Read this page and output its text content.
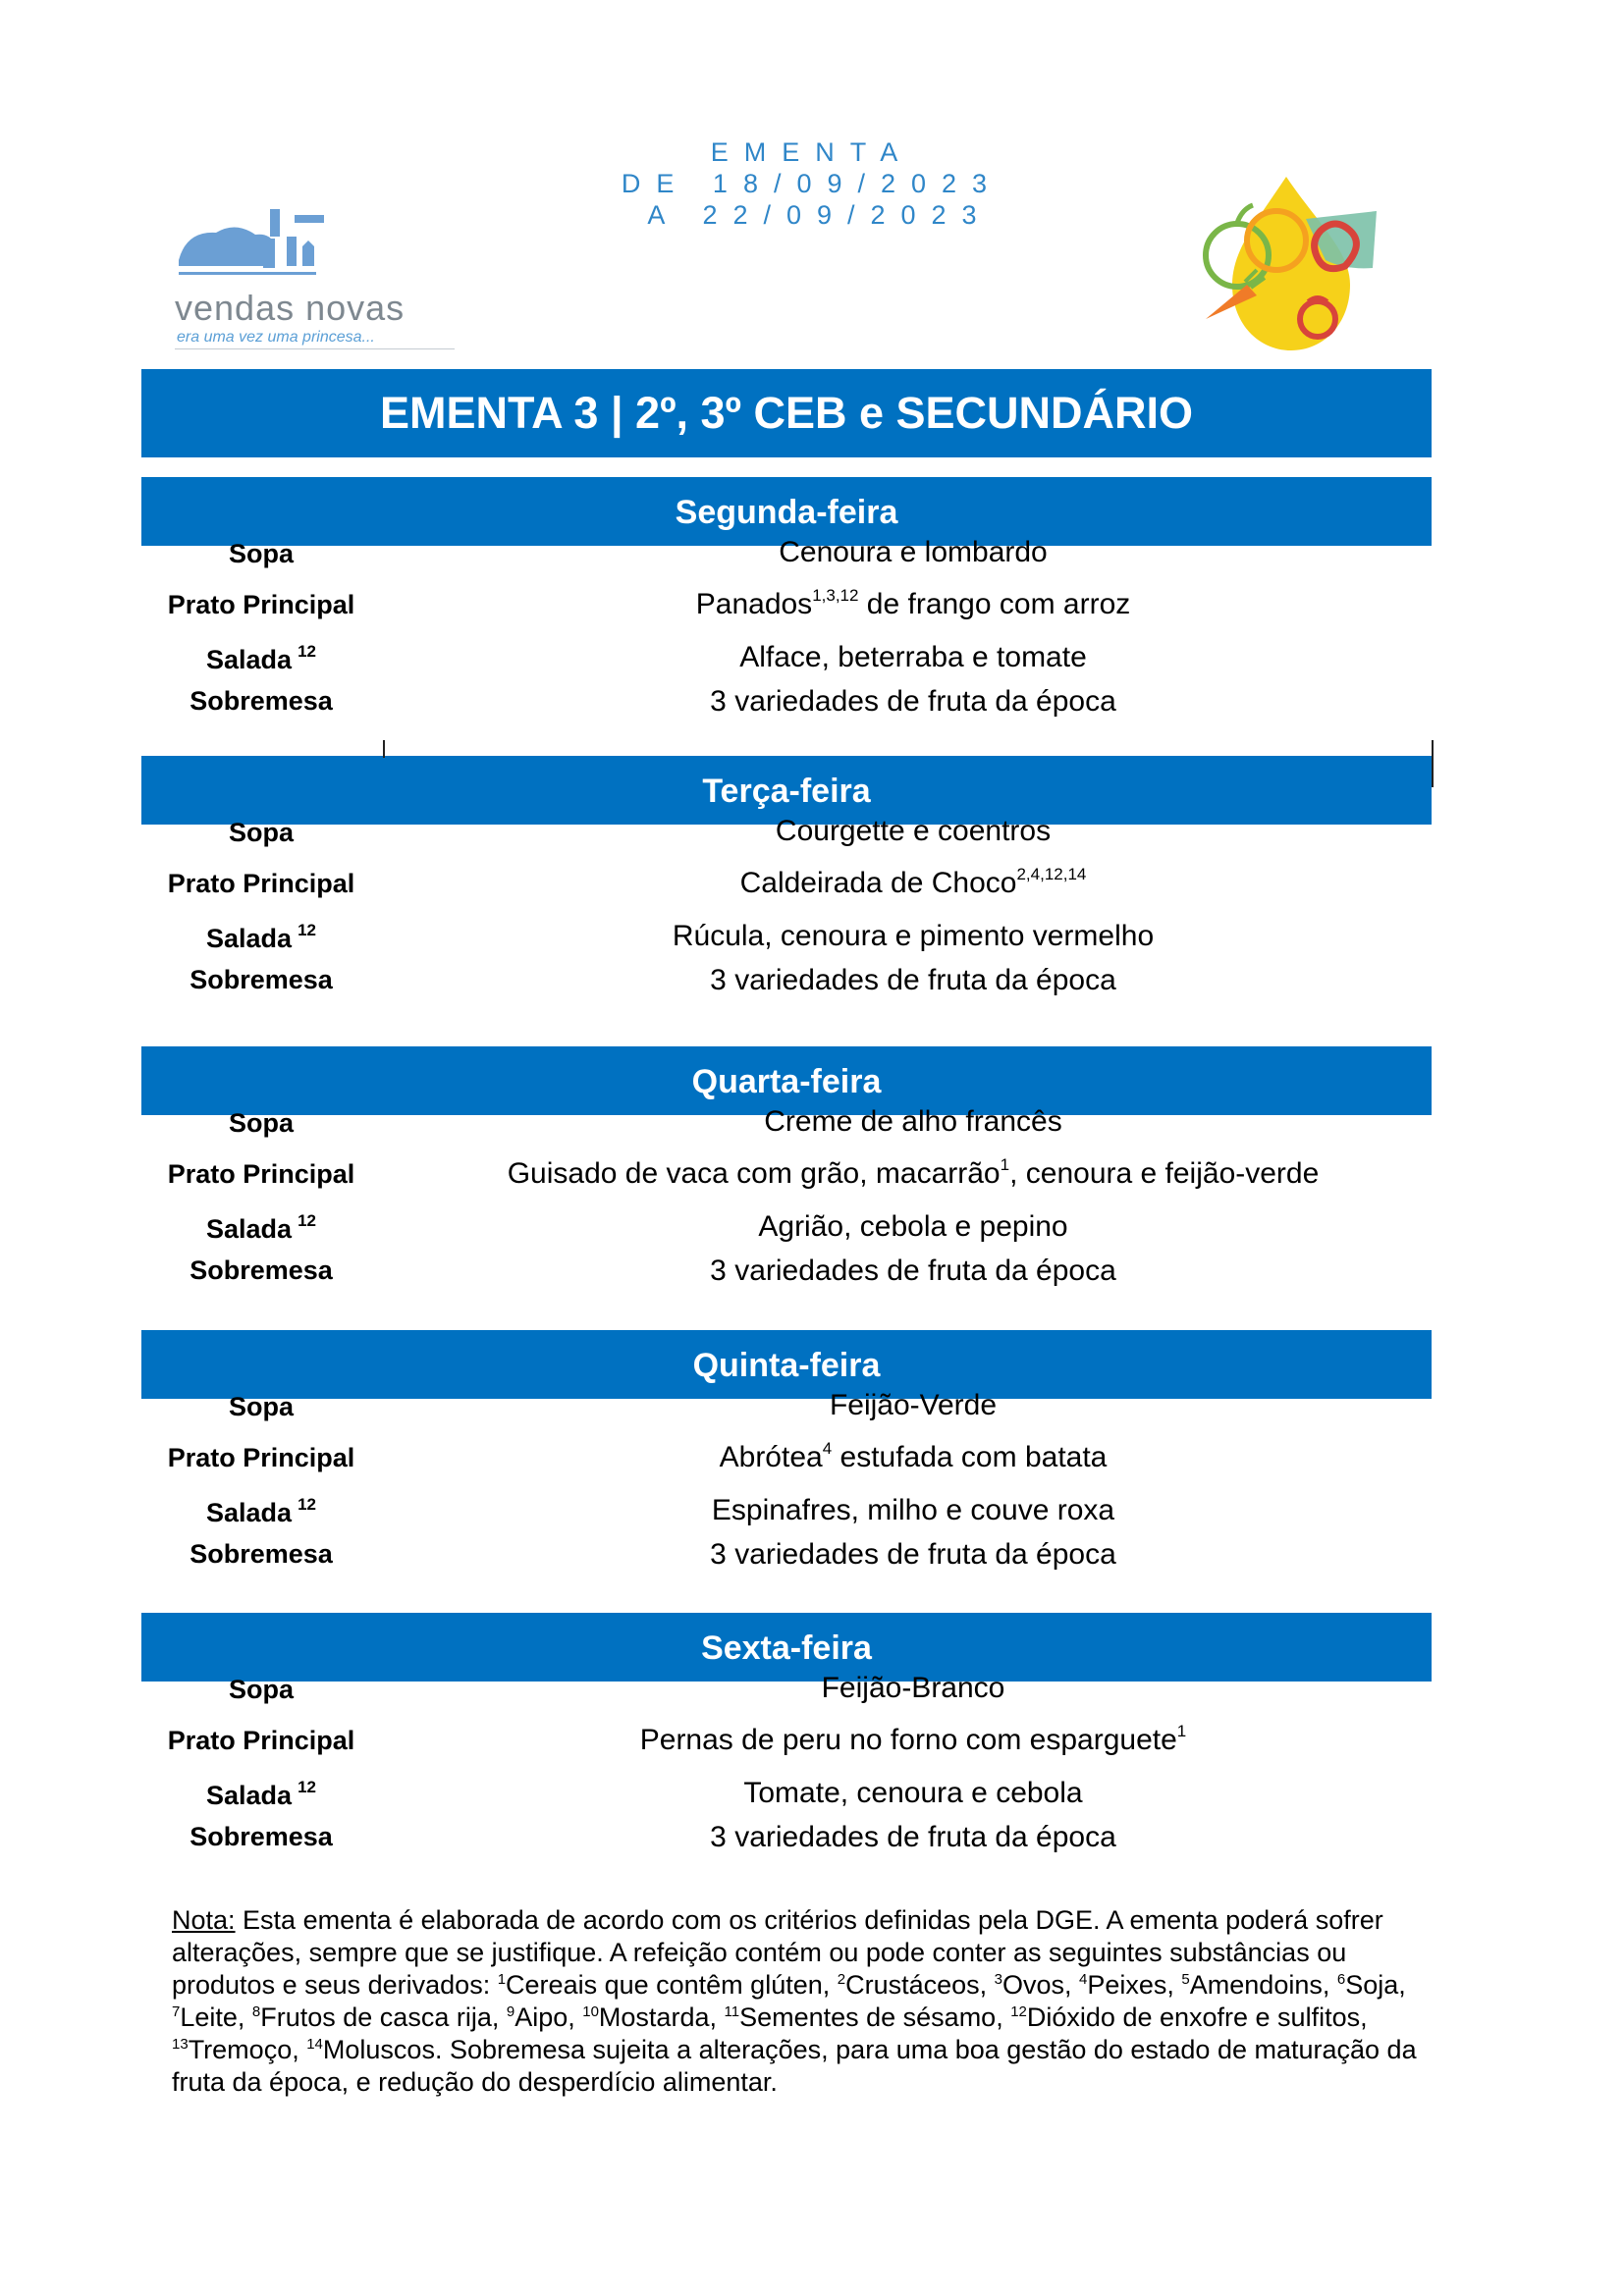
EMENTA
DE 18/09/2023
A 22/09/2023
vendas novas
era uma vez uma princesa...
EMENTA 3 | 2º, 3º CEB e SECUNDÁRIO
Segunda-feira
Sopa
Prato Principal
Salada $^{12}$
Sobremesa
Cenoura e lombardo
Panados$^{1,3,12}$ de frango com arroz
Alface, beterraba e tomate
3 variedades de fruta da época
Terça-feira
Sopa
Prato Principal
Salada $^{12}$
Sobremesa
Courgette e coentros
Caldeirada de Choco$^{2,4,12,14}$
Rúcula, cenoura e pimento vermelho
3 variedades de fruta da época
Quarta-feira
Sopa
Prato Principal
Salada $^{12}$
Sobremesa
Creme de alho francês
Guisado de vaca com grão, macarrão$^1$, cenoura e feijão-verde
Agrião, cebola e pepino
3 variedades de fruta da época
Quinta-feira
Sopa
Prato Principal
Salada $^{12}$
Sobremesa
Feijão-Verde
Abrótea$^4$ estufada com batata
Espinafres, milho e couve roxa
3 variedades de fruta da época
Sexta-feira
Sopa
Prato Principal
Salada $^{12}$
Sobremesa
Feijão-Branco
Pernas de peru no forno com esparguete$^1$
Tomate, cenoura e cebola
3 variedades de fruta da época
Nota: Esta ementa é elaborada de acordo com os critérios definidas pela DGE. A ementa poderá sofrer alterações, sempre que se justifique. A refeição contém ou pode conter as seguintes substâncias ou produtos e seus derivados: $^1$Cereais que contêm glúten, $^2$Crustáceos, $^3$Ovos, $^4$Peixes, $^5$Amendoins, $^6$Soja, $^7$Leite, $^8$Frutos de casca rija, $^9$Aipo, $^{10}$Mostarda, $^{11}$Sementes de sésamo, $^{12}$Dióxido de enxofre e sulfitos, $^{13}$Tremoço, $^{14}$Moluscos. Sobremesa sujeita a alterações, para uma boa gestão do estado de maturação da fruta da época, e redução do desperdício alimentar.
